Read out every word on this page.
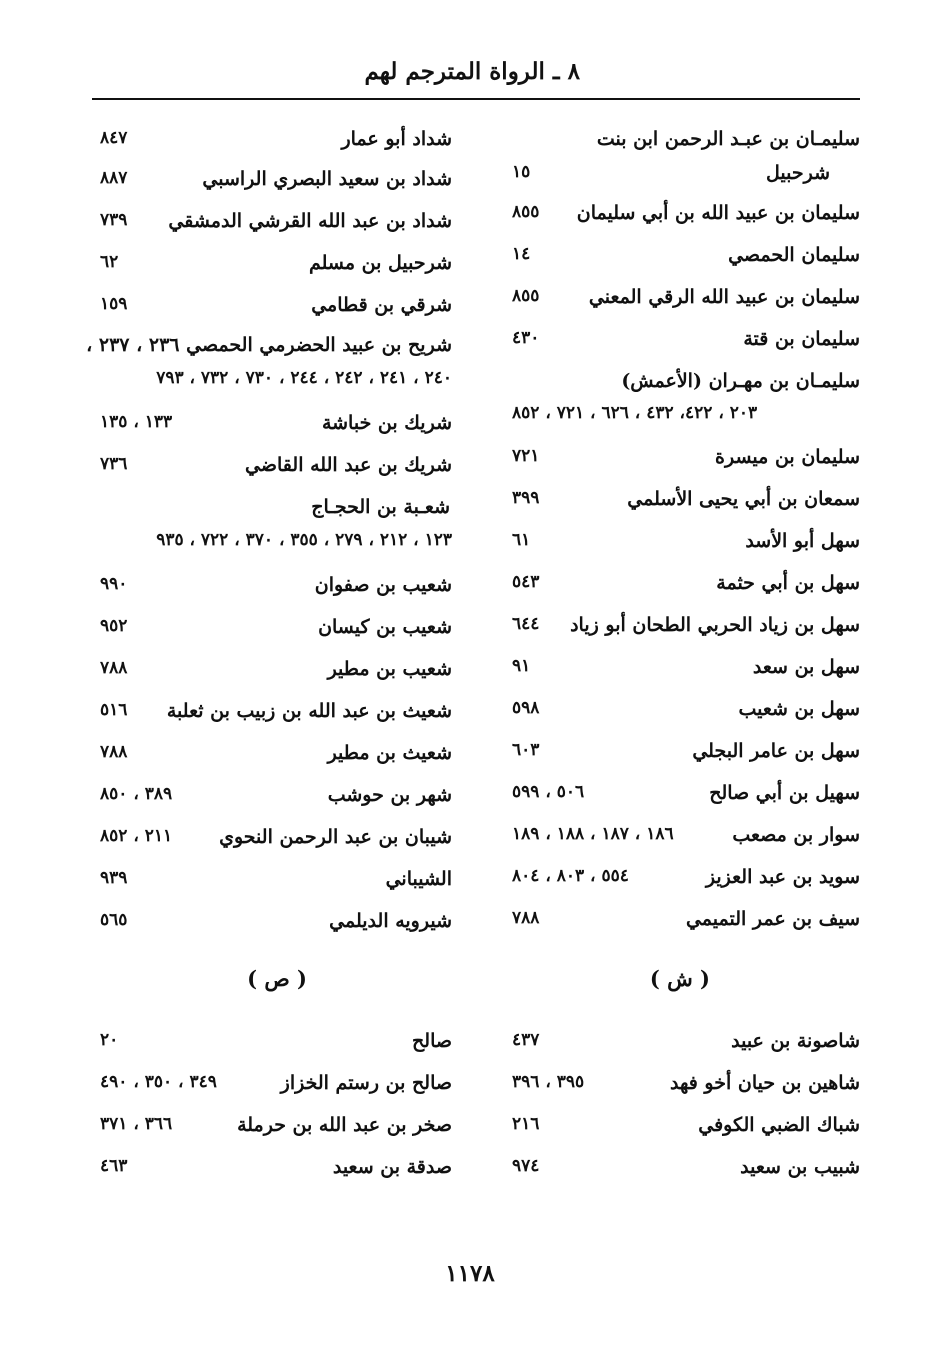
٨ ـ الرواة المترجم لهم
سليمـان بن عبـد الرحمن ابن بنت
شرحبيل
١٥
سليمان بن عبيد الله بن أبي سليمان
٨٥٥
سليمان الحمصي
١٤
سليمان بن عبيد الله الرقي المعني
٨٥٥
سليمان بن قتة
٤٣٠
سليمـان بن مهـران (الأعمش)
٢٠٣ ، ٤٢٢، ٤٣٢ ، ٦٢٦ ، ٧٢١ ، ٨٥٢
سليمان بن ميسرة
٧٢١
سمعان بن أبي يحيى الأسلمي
٣٩٩
سهل أبو الأسد
٦١
سهل بن أبي حثمة
٥٤٣
سهل بن زياد الحربي الطحان أبو زياد
٦٤٤
سهل بن سعد
٩١
سهل بن شعيب
٥٩٨
سهل بن عامر البجلي
٦٠٣
سهيل بن أبي صالح
٥٠٦ ، ٥٩٩
سوار بن مصعب
١٨٦ ، ١٨٧ ، ١٨٨ ، ١٨٩
سويد بن عبد العزيز
٥٥٤ ، ٨٠٣ ، ٨٠٤
سيف بن عمر التميمي
٧٨٨
( ش )
شاصونة بن عبيد
٤٣٧
شاهين بن حيان أخو فهد
٣٩٥ ، ٣٩٦
شباك الضبي الكوفي
٢١٦
شبيب بن سعيد
٩٧٤
شداد أبو عمار
٨٤٧
شداد بن سعيد البصري الراسبي
٨٨٧
شداد بن عبد الله القرشي الدمشقي
٧٣٩
شرحبيل بن مسلم
٦٢
شرقي بن قطامي
١٥٩
شريح بن عبيد الحضرمي الحمصي ٢٣٦ ، ٢٣٧ ،
٢٤٠ ، ٢٤١ ، ٢٤٢ ، ٢٤٤ ، ٧٣٠ ، ٧٣٢ ، ٧٩٣
شريك بن خباشة
١٣٣ ، ١٣٥
شريك بن عبد الله القاضي
٧٣٦
شعـبة بن الحجـاج
١٢٣ ، ٢١٢ ، ٢٧٩ ، ٣٥٥ ، ٣٧٠ ، ٧٢٢ ، ٩٣٥
شعيب بن صفوان
٩٩٠
شعيب بن كيسان
٩٥٢
شعيب بن مطير
٧٨٨
شعيث بن عبد الله بن زبيب بن ثعلبة
٥١٦
شعيث بن مطير
٧٨٨
شهر بن حوشب
٣٨٩ ، ٨٥٠
شيبان بن عبد الرحمن النحوي
٢١١ ، ٨٥٢
الشيباني
٩٣٩
شيرويه الديلمي
٥٦٥
( ص )
صالح
٢٠
صالح بن رستم الخزاز
٣٤٩ ، ٣٥٠ ، ٤٩٠
صخر بن عبد الله بن حرملة
٣٦٦ ، ٣٧١
صدقة بن سعيد
٤٦٣
١١٧٨
